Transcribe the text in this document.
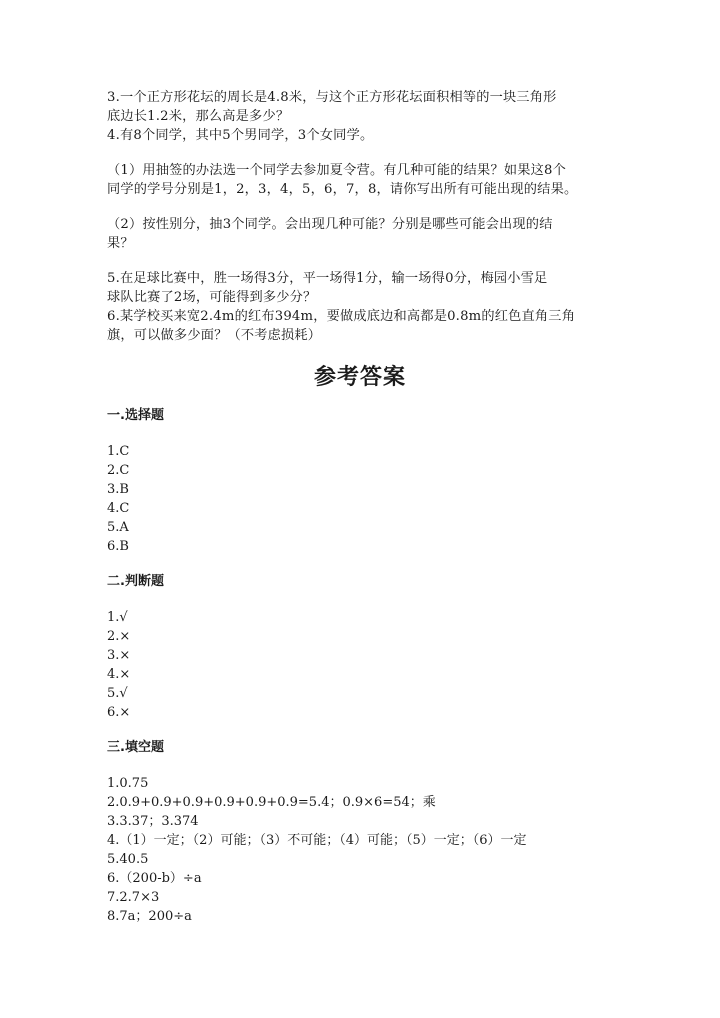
3.一个正方形花坛的周长是4.8米，与这个正方形花坛面积相等的一块三角形
底边长1.2米，那么高是多少？
4.有8个同学，其中5个男同学，3个女同学。
（1）用抽签的办法选一个同学去参加夏令营。有几种可能的结果？如果这8个
同学的学号分别是1，2，3，4，5，6，7，8，请你写出所有可能出现的结果。
（2）按性别分，抽3个同学。会出现几种可能？分别是哪些可能会出现的结
果？
5.在足球比赛中，胜一场得3分，平一场得1分，输一场得0分，梅园小雪足
球队比赛了2场，可能得到多少分？
6.某学校买来宽2.4m的红布394m，要做成底边和高都是0.8m的红色直角三角
旗，可以做多少面？（不考虑损耗）
参考答案
一.选择题
1.C
2.C
3.B
4.C
5.A
6.B
二.判断题
1.√
2.×
3.×
4.×
5.√
6.×
三.填空题
1.0.75
2.0.9+0.9+0.9+0.9+0.9+0.9=5.4；0.9×6=54；乘
3.3.37；3.374
4.（1）一定；（2）可能；（3）不可能；（4）可能；（5）一定；（6）一定
5.40.5
6.（200-b）÷a
7.2.7×3
8.7a；200÷a
